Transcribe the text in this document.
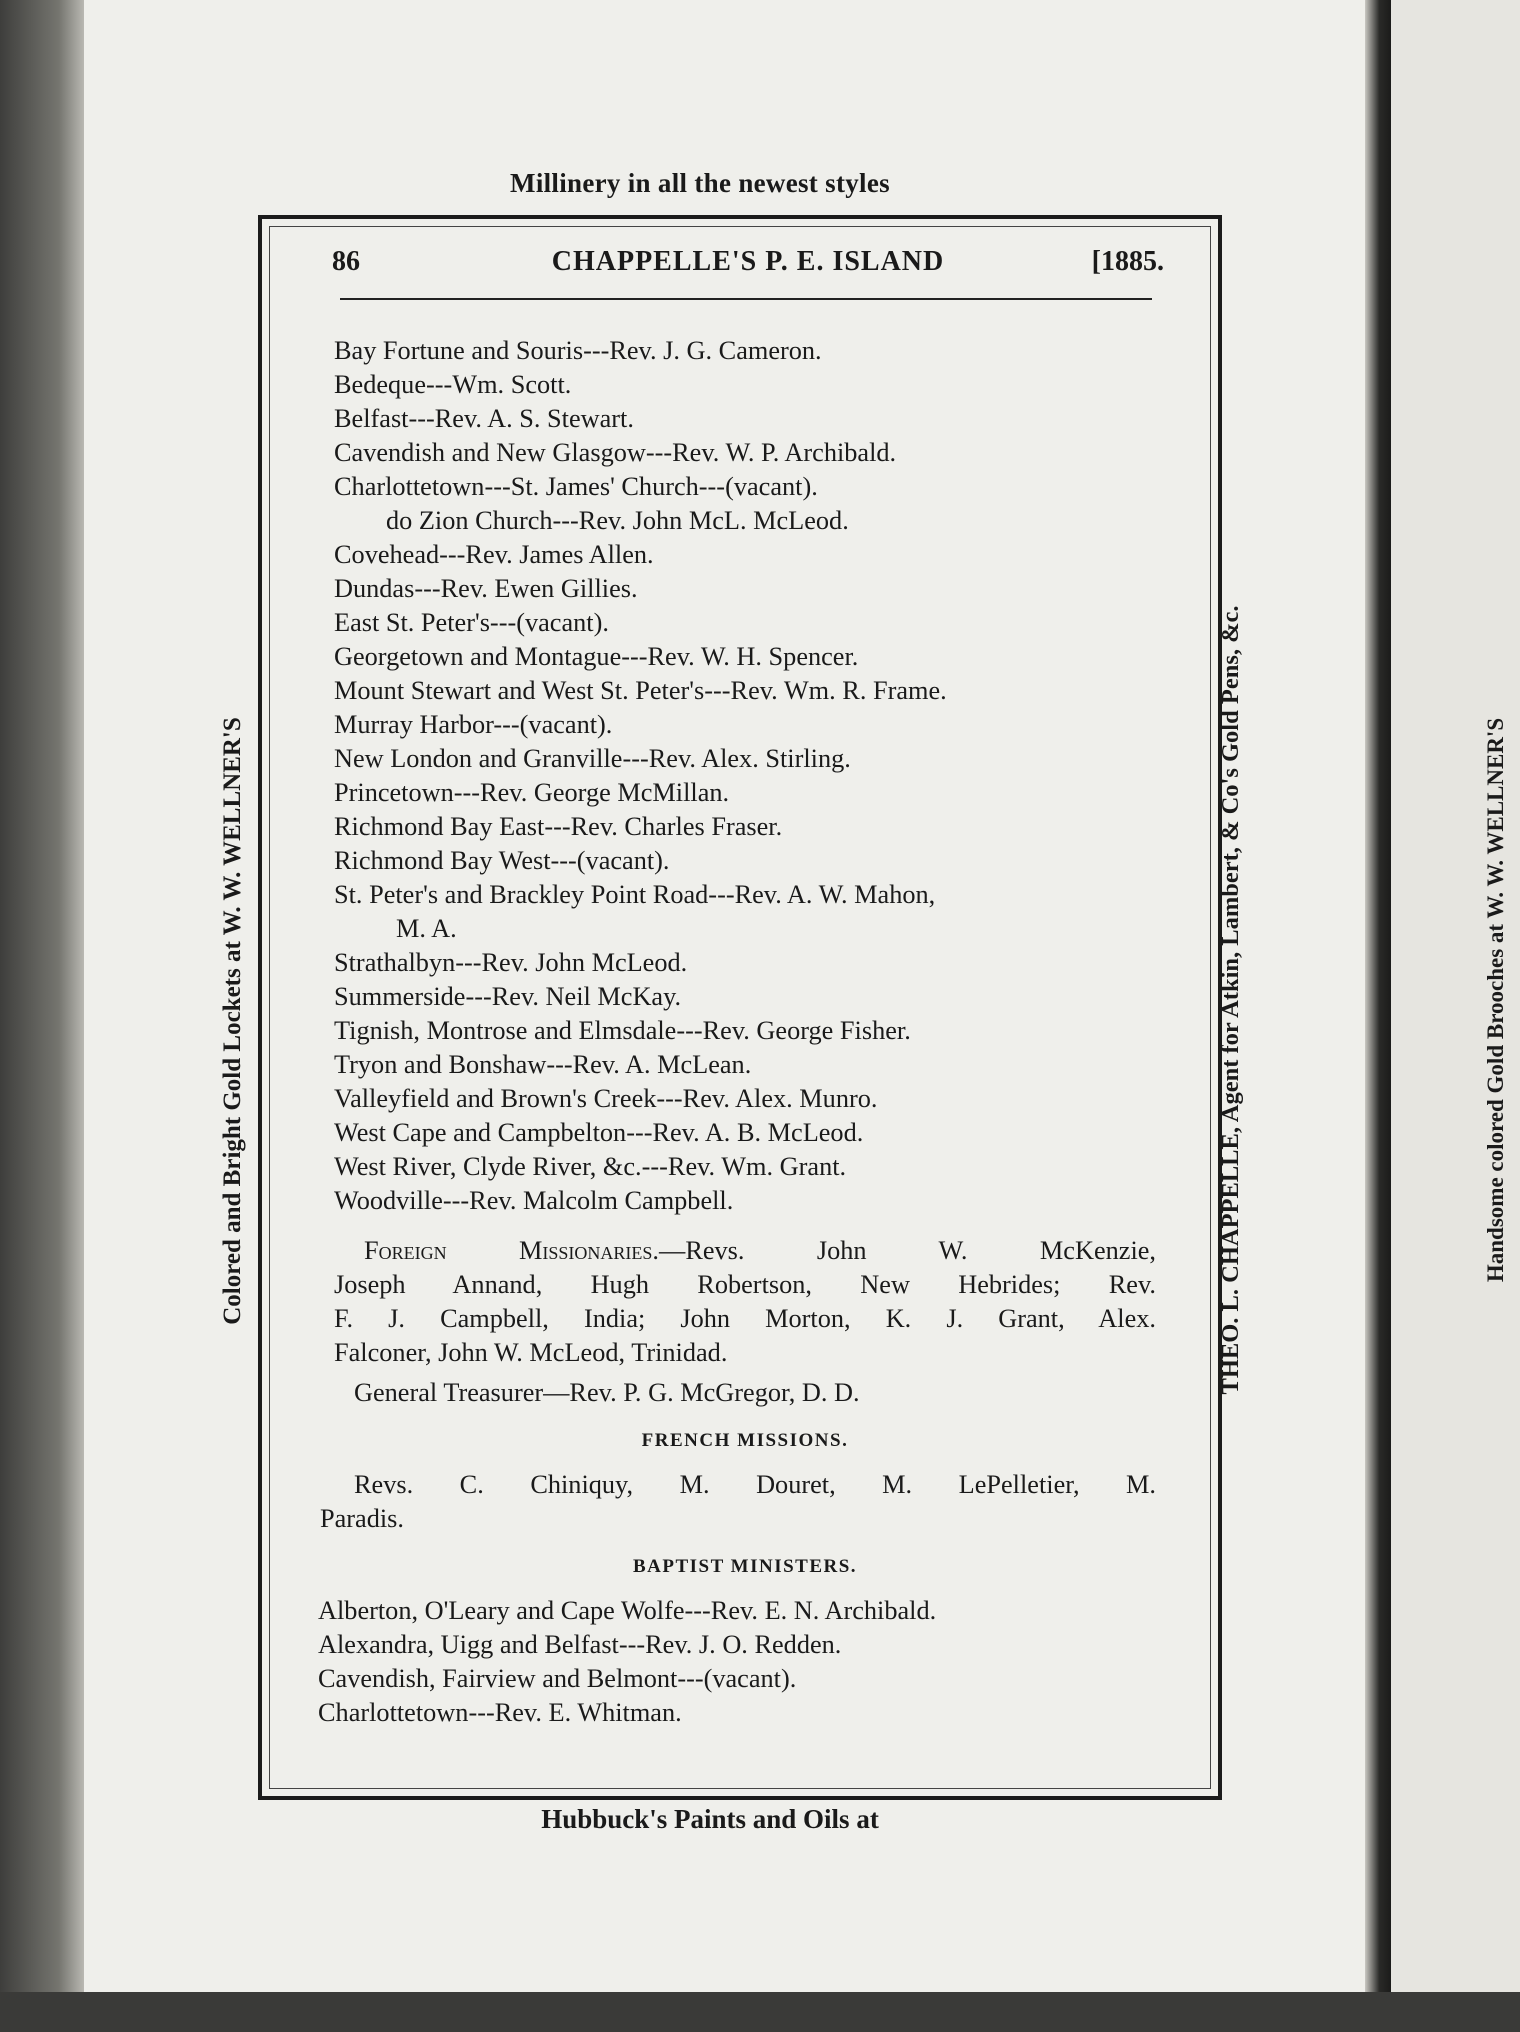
Millinery in all the newest styles
86	CHAPPELLE'S P. E. ISLAND	[1885.
Bay Fortune and Souris---Rev. J. G. Cameron.
Bedeque---Wm. Scott.
Belfast---Rev. A. S. Stewart.
Cavendish and New Glasgow---Rev. W. P. Archibald.
Charlottetown---St. James' Church---(vacant).
do Zion Church---Rev. John McL. McLeod.
Covehead---Rev. James Allen.
Dundas---Rev. Ewen Gillies.
East St. Peter's---(vacant).
Georgetown and Montague---Rev. W. H. Spencer.
Mount Stewart and West St. Peter's---Rev. Wm. R. Frame.
Murray Harbor---(vacant).
New London and Granville---Rev. Alex. Stirling.
Princetown---Rev. George McMillan.
Richmond Bay East---Rev. Charles Fraser.
Richmond Bay West---(vacant).
St. Peter's and Brackley Point Road---Rev. A. W. Mahon,
M. A.
Strathalbyn---Rev. John McLeod.
Summerside---Rev. Neil McKay.
Tignish, Montrose and Elmsdale---Rev. George Fisher.
Tryon and Bonshaw---Rev. A. McLean.
Valleyfield and Brown's Creek---Rev. Alex. Munro.
West Cape and Campbelton---Rev. A. B. McLeod.
West River, Clyde River, &c.---Rev. Wm. Grant.
Woodville---Rev. Malcolm Campbell.
Foreign Missionaries.—Revs. John W. McKenzie,
Joseph Annand, Hugh Robertson, New Hebrides; Rev.
F. J. Campbell, India; John Morton, K. J. Grant, Alex.
Falconer, John W. McLeod, Trinidad.
General Treasurer—Rev. P. G. McGregor, D. D.
FRENCH MISSIONS.
Revs. C. Chiniquy, M. Douret, M. LePelletier, M.
Paradis.
BAPTIST MINISTERS.
Alberton, O'Leary and Cape Wolfe---Rev. E. N. Archibald.
Alexandra, Uigg and Belfast---Rev. J. O. Redden.
Cavendish, Fairview and Belmont---(vacant).
Charlottetown---Rev. E. Whitman.
Hubbuck's Paints and Oils at
Colored and Bright Gold Lockets at W. W. WELLNER'S	THEO. L. CHAPPELLE, Agent for Atkin, Lambert, & Co's Gold Pens, &c.	Handsome colored Gold Brooches at W. W. WELLNER'S
